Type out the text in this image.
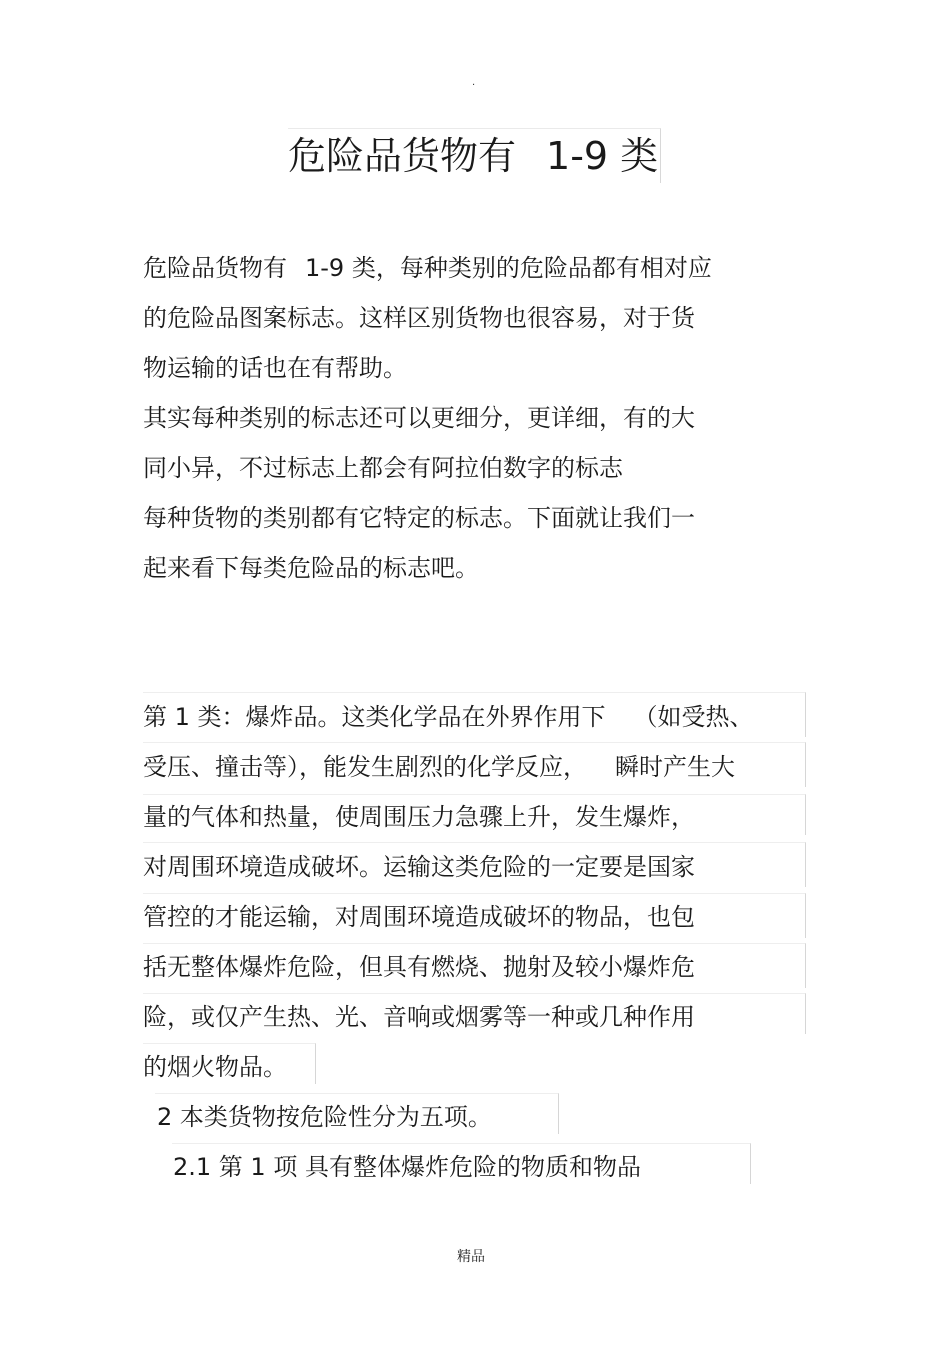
.
危险品货物有 1-9 类
危险品货物有 1-9 类，每种类别的危险品都有相对应
的危险品图案标志。这样区别货物也很容易，对于货
物运输的话也在有帮助。
其实每种类别的标志还可以更细分，更详细，有的大
同小异，不过标志上都会有阿拉伯数字的标志
每种货物的类别都有它特定的标志。下面就让我们一
起来看下每类危险品的标志吧。
第 1 类：爆炸品。这类化学品在外界作用下 （如受热、
受压、撞击等），能发生剧烈的化学反应， 瞬时产生大
量的气体和热量，使周围压力急骤上升，发生爆炸，
对周围环境造成破坏。运输这类危险的一定要是国家
管控的才能运输，对周围环境造成破坏的物品，也包
括无整体爆炸危险，但具有燃烧、抛射及较小爆炸危
险，或仅产生热、光、音响或烟雾等一种或几种作用
的烟火物品。
2 本类货物按危险性分为五项。
2.1 第 1 项 具有整体爆炸危险的物质和物品
精品
